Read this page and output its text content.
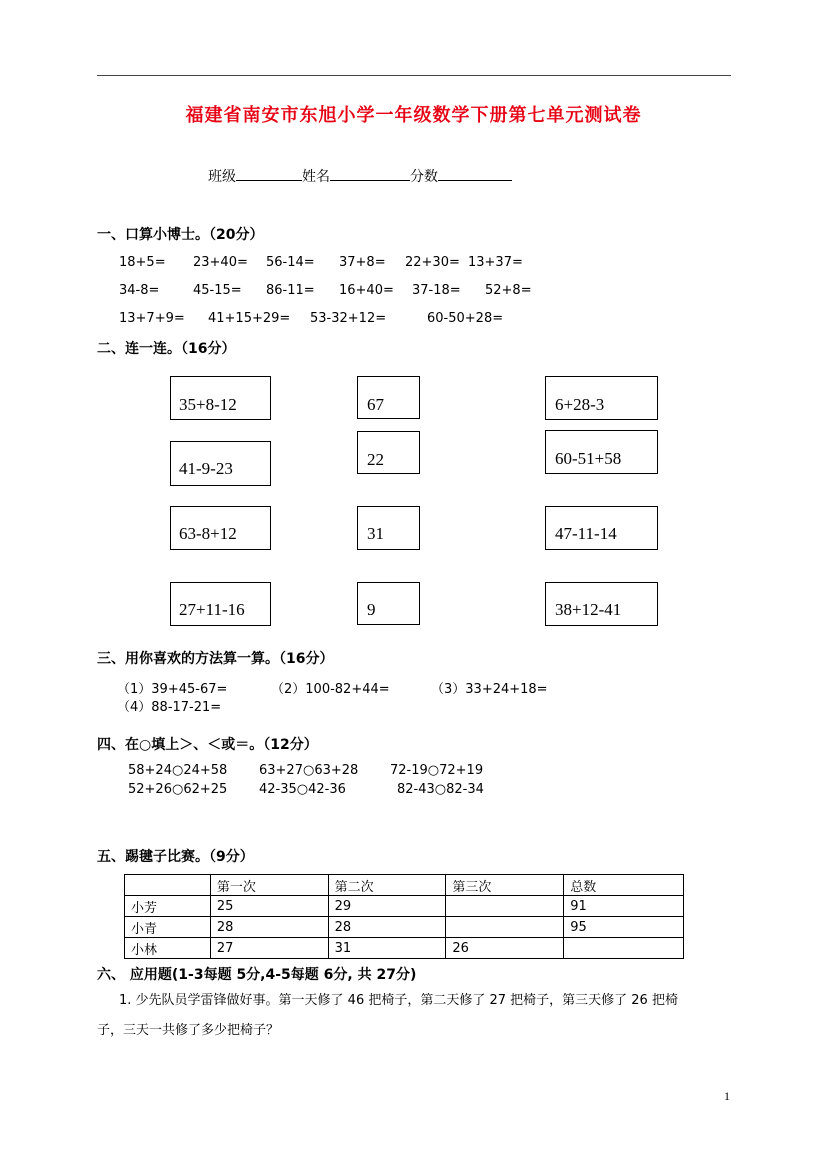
福建省南安市东旭小学一年级数学下册第七单元测试卷
班级	姓名	分数
一、口算小博士。（20分）
18+5= 23+40= 56-14= 37+8= 22+30= 13+37=
34-8=	45-15= 86-11= 16+40= 37-18= 52+8=
13+7+9= 41+15+29= 53-32+12=	60-50+28=
二、连一连。（16分）
35+8-12
41-9-23
63-8+12
27+11-16
67
22
31
9
6+28-3
60-51+58
47-11-14
38+12-41
三、用你喜欢的方法算一算。（16分）
（1）39+45-67=	（2）100-82+44=	（3）33+24+18=
（4）88-17-21=
四、在○填上＞、＜或＝。（12分）
58+24○24+58 63+27○63+28 72-19○72+19
52+26○62+25 42-35○42-36	82-43○82-34
五、踢毽子比赛。（9分）
	第一次	第二次	第三次	总数
小芳	25	29		91
小青	28	28		95
小林	27	31	26	
六、 应用题(1-3每题 5分,4-5每题 6分, 共 27分)
1. 少先队员学雷锋做好事。第一天修了 46 把椅子，第二天修了 27 把椅子，第三天修了 26 把椅
子，三天一共修了多少把椅子？
1
